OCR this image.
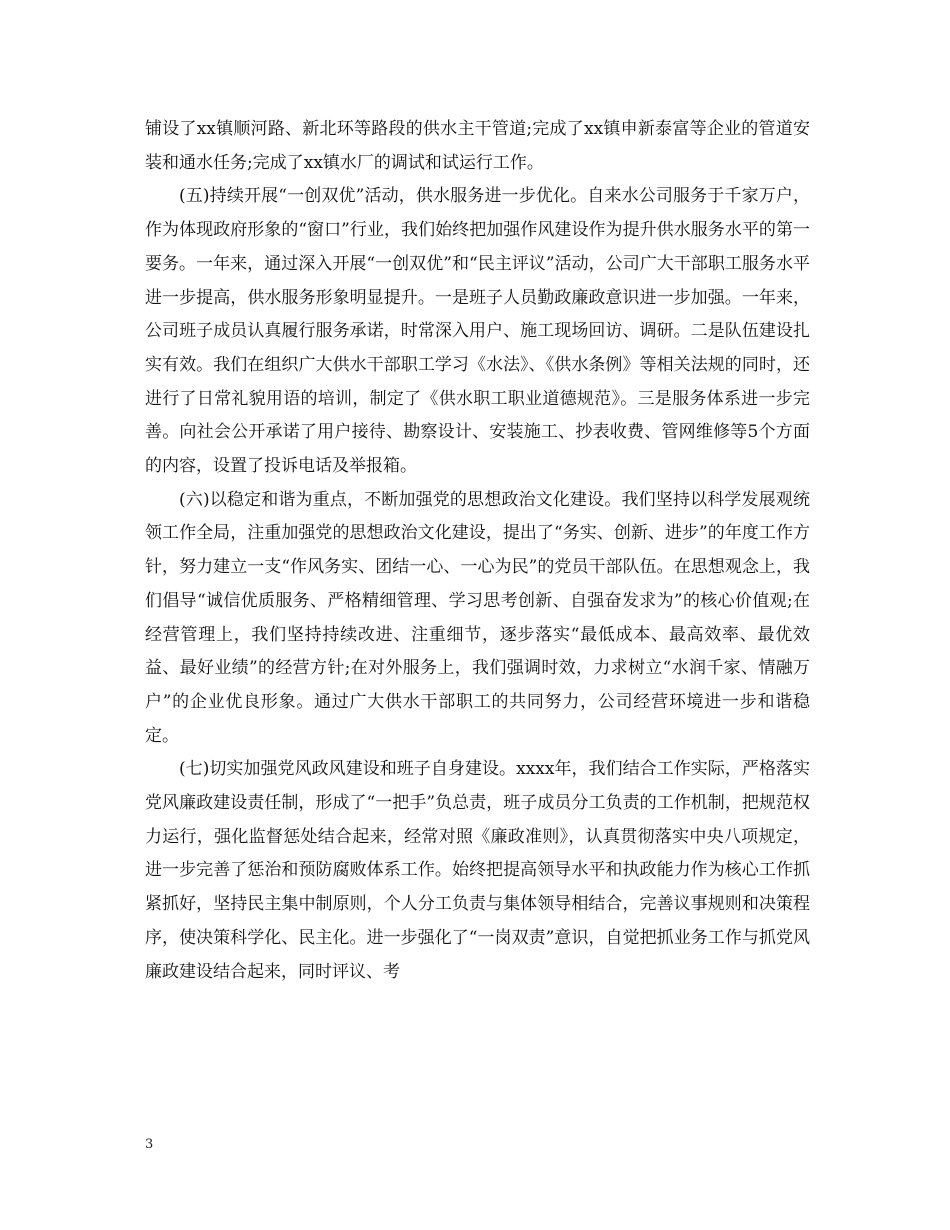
铺设了xx镇顺河路、新北环等路段的供水主干管道;完成了xx镇申新泰富等企业的管道安装和通水任务;完成了xx镇水厂的调试和试运行工作。

(五)持续开展“一创双优”活动，供水服务进一步优化。自来水公司服务于千家万户，作为体现政府形象的“窗口”行业，我们始终把加强作风建设作为提升供水服务水平的第一要务。一年来，通过深入开展“一创双优”和“民主评议”活动，公司广大干部职工服务水平进一步提高，供水服务形象明显提升。一是班子人员勤政廉政意识进一步加强。一年来，公司班子成员认真履行服务承诺，时常深入用户、施工现场回访、调研。二是队伍建设扎实有效。我们在组织广大供水干部职工学习《水法》、《供水条例》等相关法规的同时，还进行了日常礼貌用语的培训，制定了《供水职工职业道德规范》。三是服务体系进一步完善。向社会公开承诺了用户接待、勘察设计、安装施工、抄表收费、管网维修等5个方面的内容，设置了投诉电话及举报箱。

(六)以稳定和谐为重点，不断加强党的思想政治文化建设。我们坚持以科学发展观统领工作全局，注重加强党的思想政治文化建设，提出了“务实、创新、进步”的年度工作方针，努力建立一支“作风务实、团结一心、一心为民”的党员干部队伍。在思想观念上，我们倡导“诚信优质服务、严格精细管理、学习思考创新、自强奋发求为”的核心价值观;在经营管理上，我们坚持持续改进、注重细节，逐步落实“最低成本、最高效率、最优效益、最好业绩”的经营方针;在对外服务上，我们强调时效，力求树立“水润千家、情融万户”的企业优良形象。通过广大供水干部职工的共同努力，公司经营环境进一步和谐稳定。

(七)切实加强党风政风建设和班子自身建设。xxxx年，我们结合工作实际，严格落实党风廉政建设责任制，形成了“一把手”负总责，班子成员分工负责的工作机制，把规范权力运行，强化监督惩处结合起来，经常对照《廉政准则》，认真贯彻落实中央八项规定，进一步完善了惩治和预防腐败体系工作。始终把提高领导水平和执政能力作为核心工作抓紧抓好，坚持民主集中制原则，个人分工负责与集体领导相结合，完善议事规则和决策程序，使决策科学化、民主化。进一步强化了“一岗双责”意识，自觉把抓业务工作与抓党风廉政建设结合起来，同时评议、考

3
